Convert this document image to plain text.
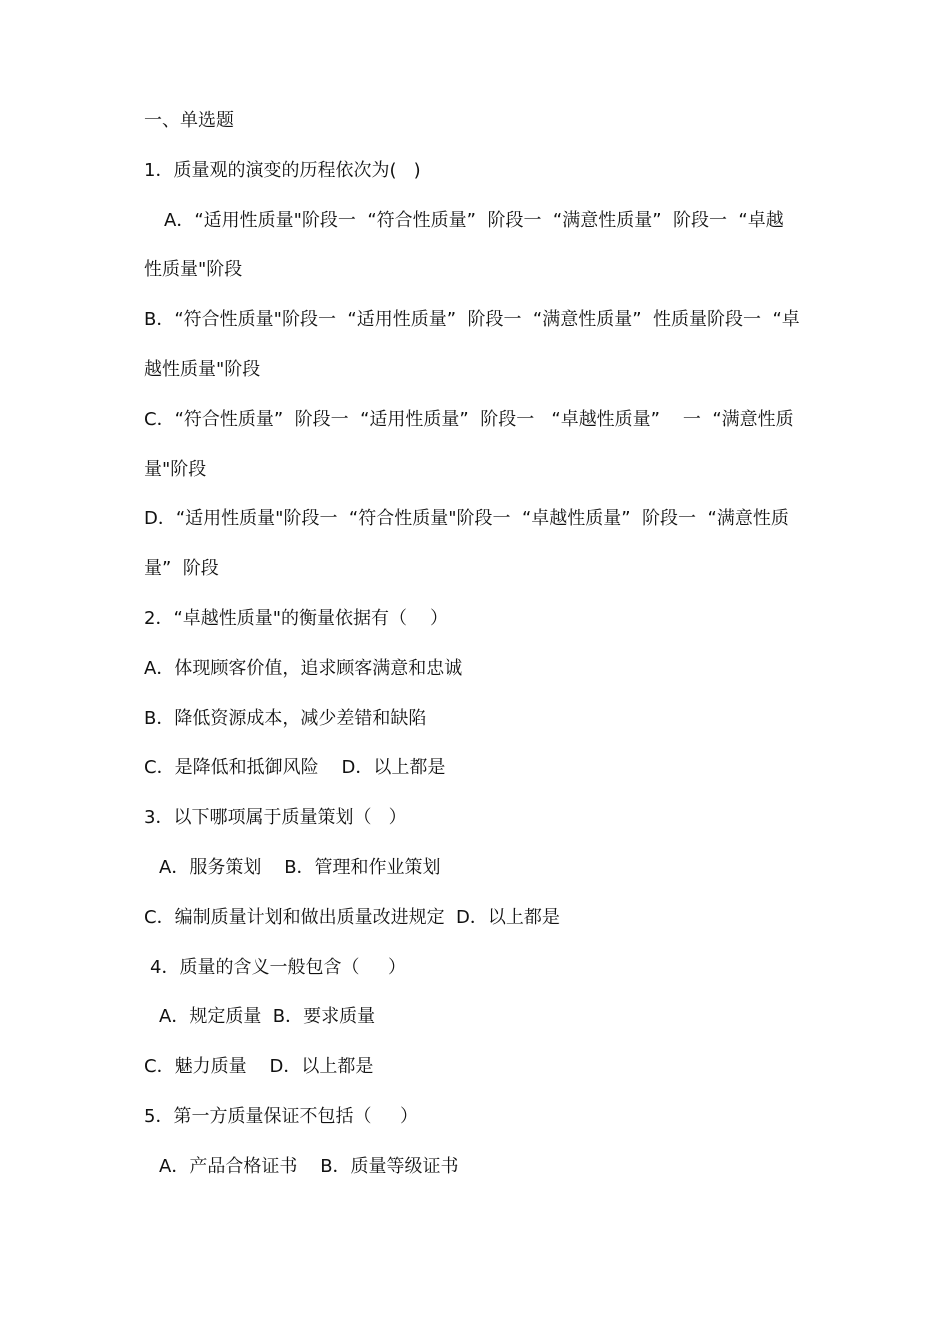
一、单选题
1．质量观的演变的历程依次为(   )
A．“适用性质量"阶段一  “符合性质量”  阶段一  “满意性质量”  阶段一  “卓越
性质量"阶段
B．“符合性质量"阶段一  “适用性质量”  阶段一  “满意性质量”  性质量阶段一  “卓
越性质量"阶段
C．“符合性质量”  阶段一  “适用性质量”  阶段一   “卓越性质量”    一  “满意性质
量"阶段
D．“适用性质量"阶段一  “符合性质量"阶段一  “卓越性质量”  阶段一  “满意性质
量”  阶段
2．“卓越性质量"的衡量依据有（    ）
A．体现顾客价值，追求顾客满意和忠诚
B．降低资源成本，减少差错和缺陷
C．是降低和抵御风险    D．以上都是
3．以下哪项属于质量策划（   ）
A．服务策划    B．管理和作业策划
C．编制质量计划和做出质量改进规定  D．以上都是
4．质量的含义一般包含（     ）
A．规定质量  B．要求质量
C．魅力质量    D．以上都是
5．第一方质量保证不包括（     ）
A．产品合格证书    B．质量等级证书
